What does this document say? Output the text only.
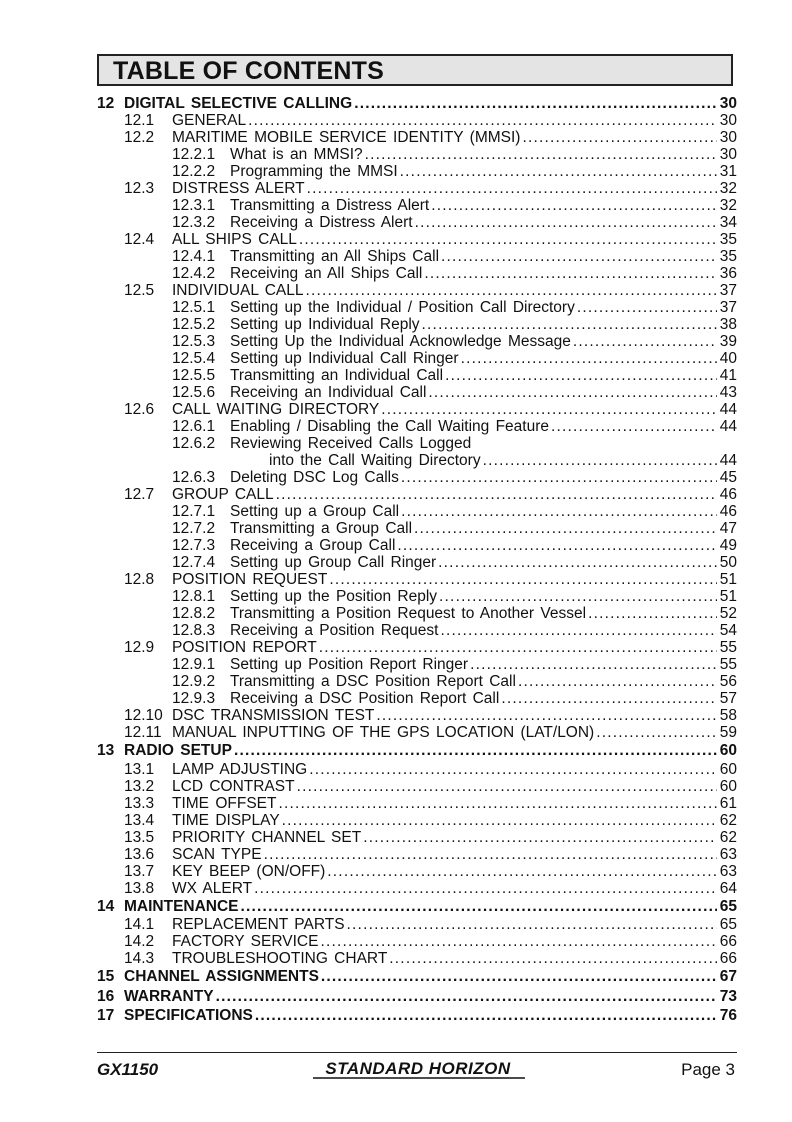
TABLE OF CONTENTS
12 DIGITAL SELECTIVE CALLING .....	30
12.1	GENERAL .....	30
12.2	MARITIME MOBILE SERVICE IDENTITY (MMSI) .....	30
12.2.1 What is an MMSI? .....	30
12.2.2 Programming the MMSI .....	31
12.3	DISTRESS ALERT .....	32
12.3.1 Transmitting a Distress Alert .....	32
12.3.2 Receiving a Distress Alert .....	34
12.4	ALL SHIPS CALL .....	35
12.4.1 Transmitting an All Ships Call .....	35
12.4.2 Receiving an All Ships Call .....	36
12.5	INDIVIDUAL CALL .....	37
12.5.1 Setting up the Individual / Position Call Directory .....	37
12.5.2 Setting up Individual Reply .....	38
12.5.3 Setting Up the Individual Acknowledge Message .....	39
12.5.4 Setting up Individual Call Ringer .....	40
12.5.5 Transmitting an Individual Call .....	41
12.5.6 Receiving an Individual Call .....	43
12.6	CALL WAITING DIRECTORY .....	44
12.6.1 Enabling / Disabling the Call Waiting Feature .....	44
12.6.2 Reviewing Received Calls Logged
into the Call Waiting Directory .....	44
12.6.3 Deleting DSC Log Calls .....	45
12.7	GROUP CALL .....	46
12.7.1 Setting up a Group Call .....	46
12.7.2 Transmitting a Group Call .....	47
12.7.3 Receiving a Group Call .....	49
12.7.4 Setting up Group Call Ringer .....	50
12.8	POSITION REQUEST .....	51
12.8.1 Setting up the Position Reply .....	51
12.8.2 Transmitting a Position Request to Another Vessel .....	52
12.8.3 Receiving a Position Request .....	54
12.9	POSITION REPORT .....	55
12.9.1 Setting up Position Report Ringer .....	55
12.9.2 Transmitting a DSC Position Report Call .....	56
12.9.3 Receiving a DSC Position Report Call .....	57
12.10 DSC TRANSMISSION TEST .....	58
12.11 MANUAL INPUTTING OF THE GPS LOCATION (LAT/LON) .....	59
13 RADIO SETUP .....	60
13.1	LAMP ADJUSTING .....	60
13.2	LCD CONTRAST .....	60
13.3	TIME OFFSET .....	61
13.4	TIME DISPLAY .....	62
13.5	PRIORITY CHANNEL SET .....	62
13.6	SCAN TYPE .....	63
13.7	KEY BEEP (ON/OFF) .....	63
13.8	WX ALERT .....	64
14 MAINTENANCE .....	65
14.1	REPLACEMENT PARTS .....	65
14.2	FACTORY SERVICE .....	66
14.3	TROUBLESHOOTING CHART .....	66
15 CHANNEL ASSIGNMENTS .....	67
16 WARRANTY .....	73
17 SPECIFICATIONS .....	76
GX1150	STANDARD HORIZON	Page 3
